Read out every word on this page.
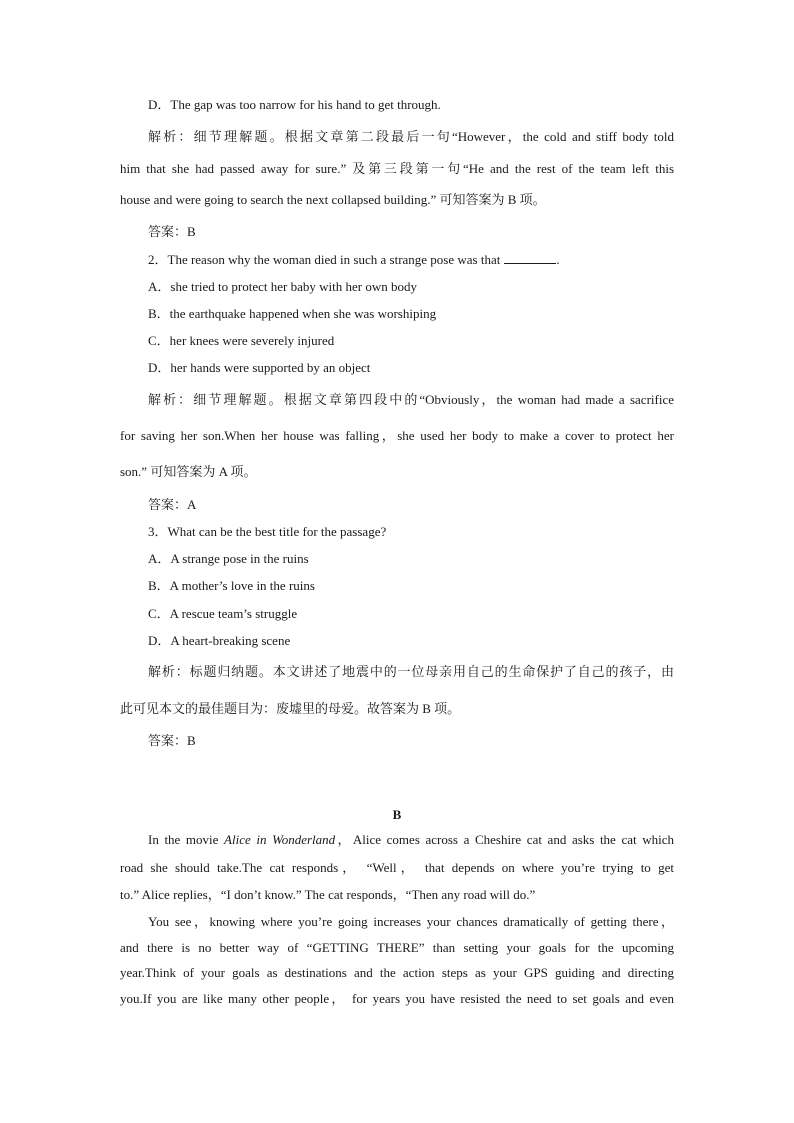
D．The gap was too narrow for his hand to get through.
解析：细节理解题。根据文章第二段最后一句“However，the cold and stiff body told
him that she had passed away for sure.” 及第三段第一句“He and the rest of the team left this
house and were going to search the next collapsed building.” 可知答案为 B 项。
答案：B
2．The reason why the woman died in such a strange pose was that	.
A．she tried to protect her baby with her own body
B．the earthquake happened when she was worshiping
C．her knees were severely injured
D．her hands were supported by an object
解析：细节理解题。根据文章第四段中的“Obviously，the woman had made a sacrifice
for saving her son.When her house was falling，she used her body to make a cover to protect her
son.” 可知答案为 A 项。
答案：A
3．What can be the best title for the passage?
A．A strange pose in the ruins
B．A mother’s love in the ruins
C．A rescue team’s struggle
D．A heart-breaking scene
解析：标题归纳题。本文讲述了地震中的一位母亲用自己的生命保护了自己的孩子，由
此可见本文的最佳题目为：废墟里的母爱。故答案为 B 项。
答案：B
B
In the movie Alice in Wonderland，Alice comes across a Cheshire cat and asks the cat which
road she should take.The cat responds， “Well， that depends on where you’re trying to get
to.” Alice replies，“I don’t know.” The cat responds，“Then any road will do.”
You see，knowing where you’re going increases your chances dramatically of getting there，
and there is no better way of “GETTING THERE” than setting your goals for the upcoming
year.Think of your goals as destinations and the action steps as your GPS guiding and directing
you.If you are like many other people， for years you have resisted the need to set goals and even
